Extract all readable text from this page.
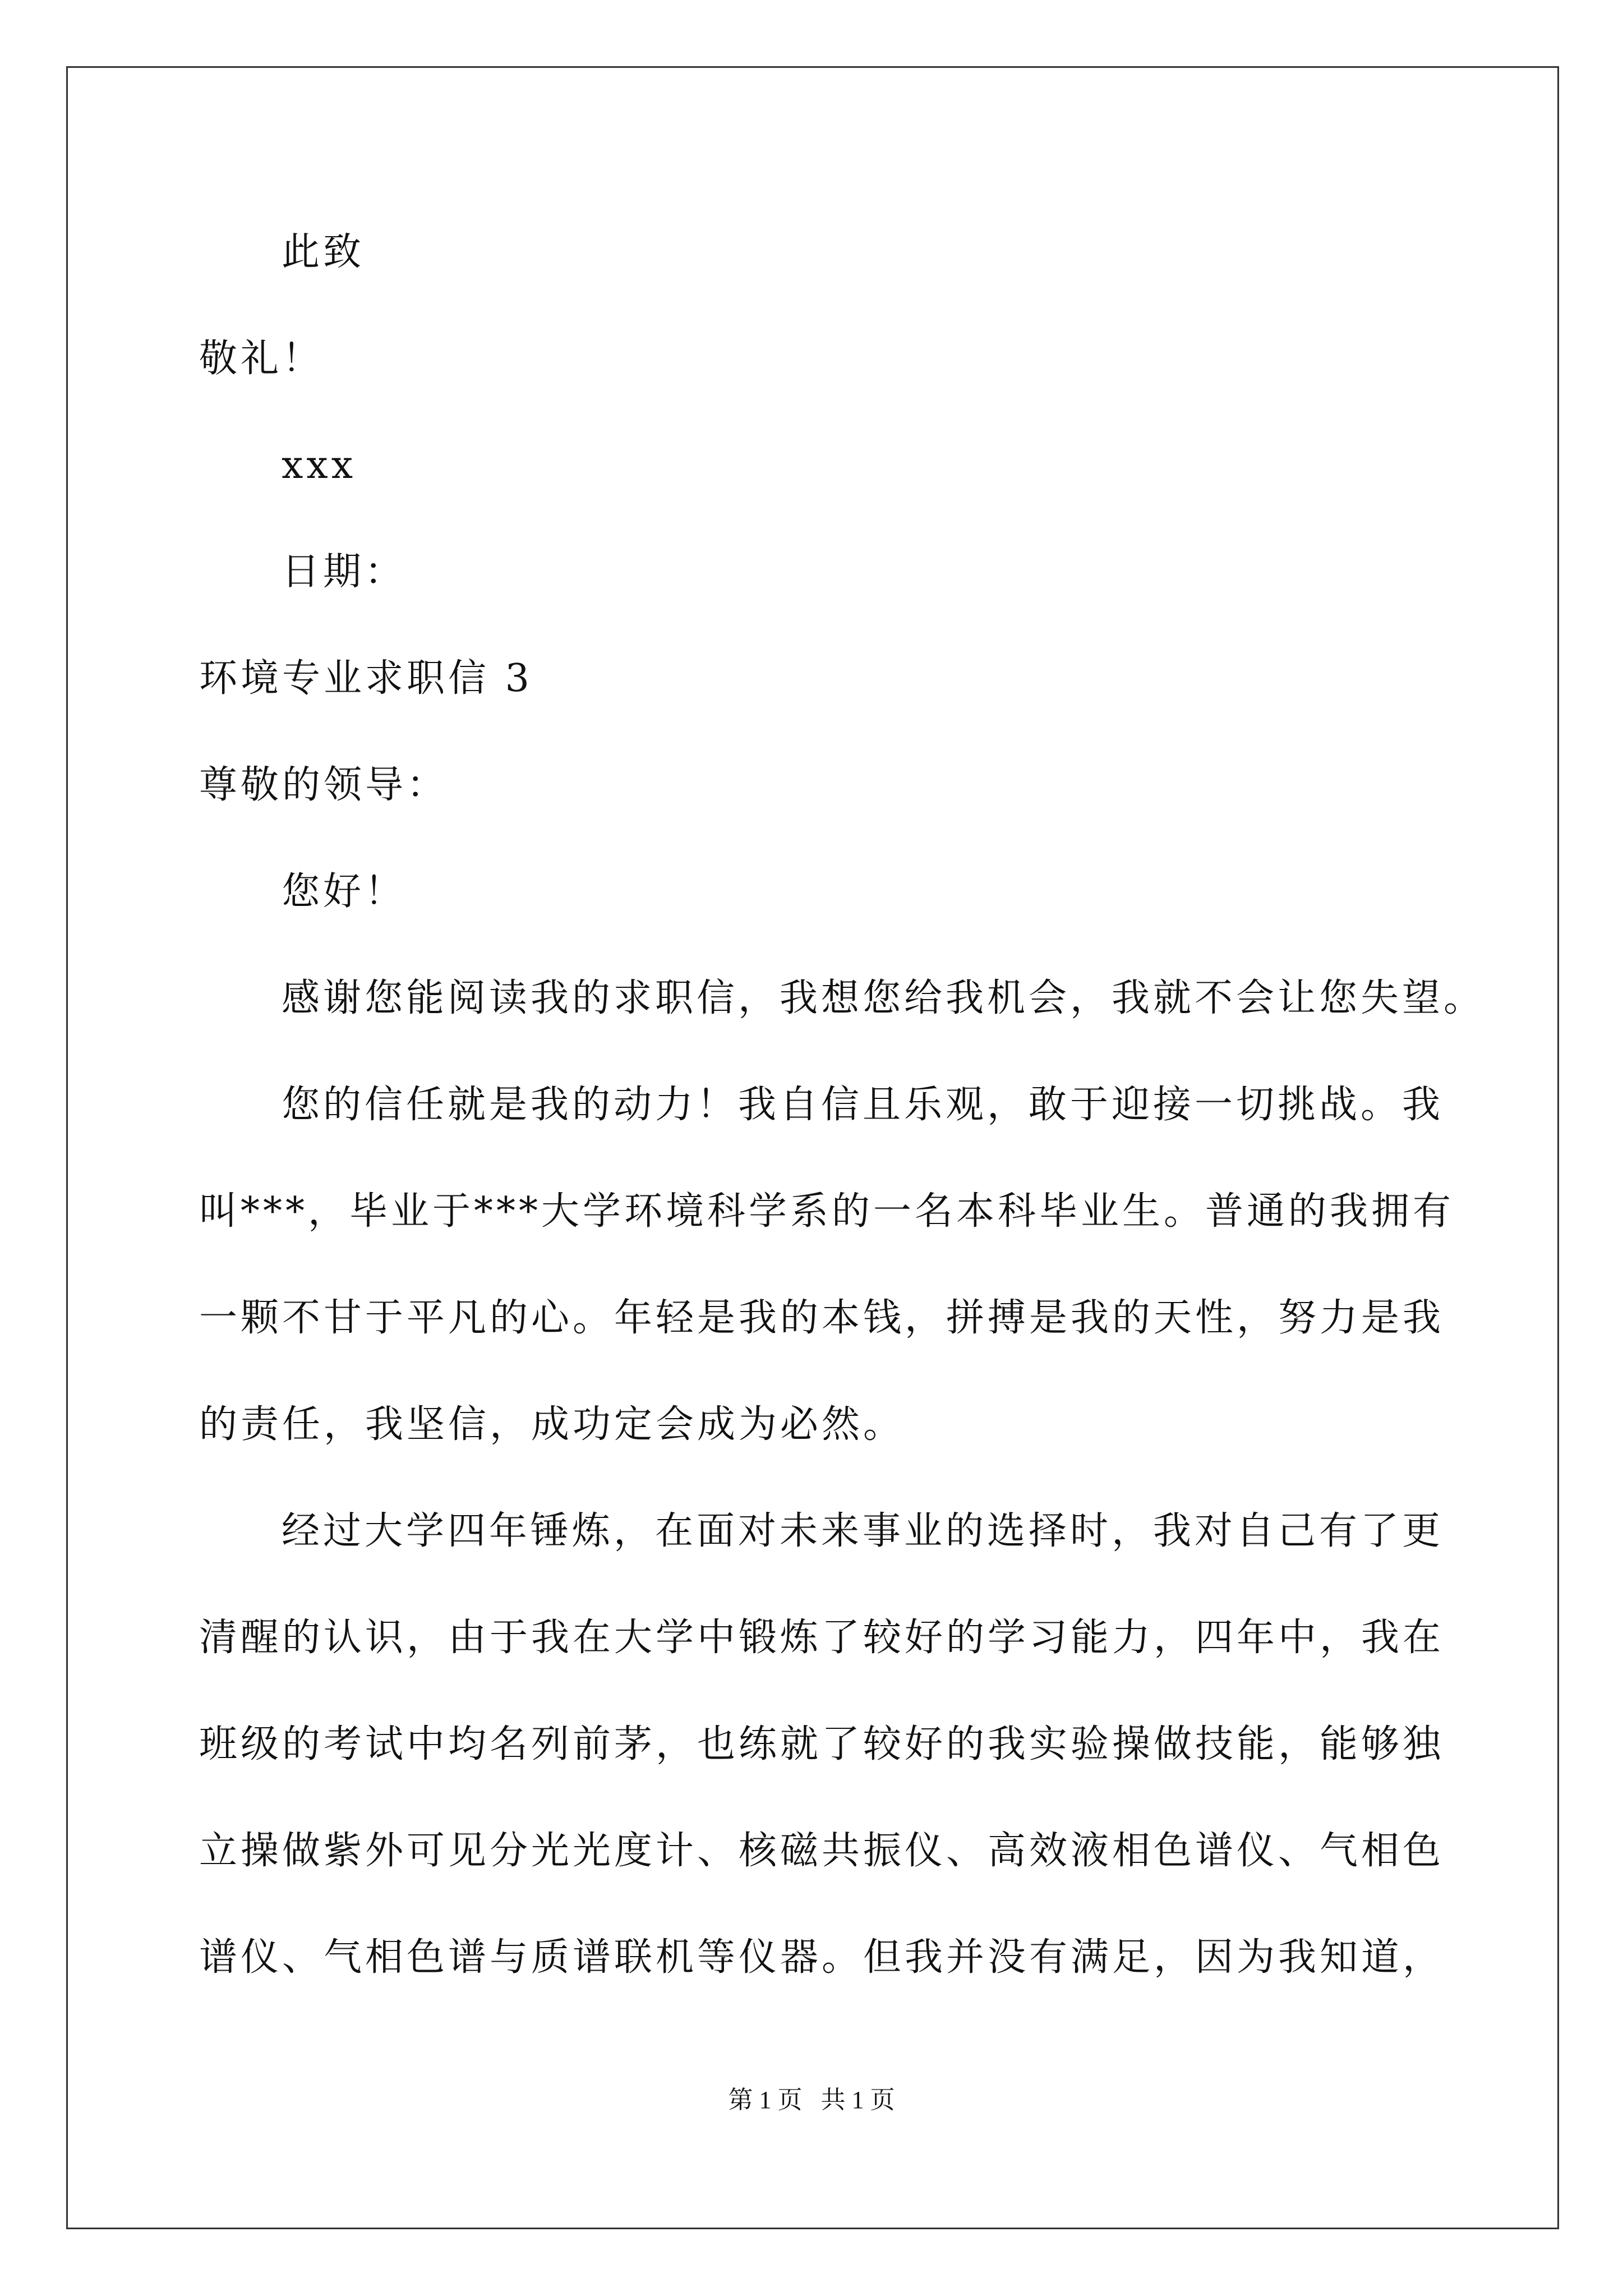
此致
敬礼！
xxx
日期：
环境专业求职信 3
尊敬的领导：
您好！
感谢您能阅读我的求职信，我想您给我机会，我就不会让您失望。
您的信任就是我的动力！我自信且乐观，敢于迎接一切挑战。我
叫***，毕业于***大学环境科学系的一名本科毕业生。普通的我拥有
一颗不甘于平凡的心。年轻是我的本钱，拼搏是我的天性，努力是我
的责任，我坚信，成功定会成为必然。
经过大学四年锤炼，在面对未来事业的选择时，我对自己有了更
清醒的认识，由于我在大学中锻炼了较好的学习能力，四年中，我在
班级的考试中均名列前茅，也练就了较好的我实验操做技能，能够独
立操做紫外可见分光光度计、核磁共振仪、高效液相色谱仪、气相色
谱仪、气相色谱与质谱联机等仪器。但我并没有满足，因为我知道，
第 1 页   共 1 页
